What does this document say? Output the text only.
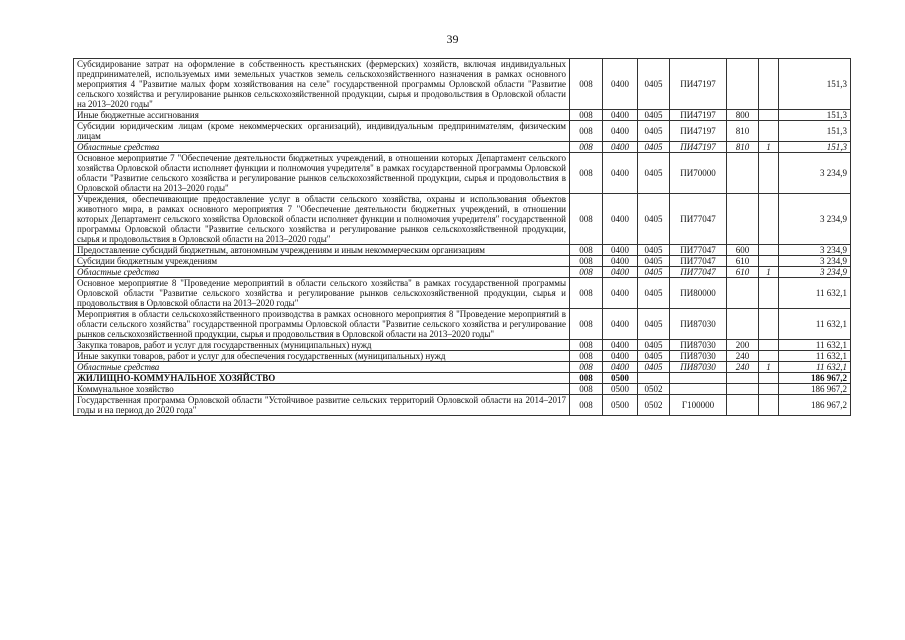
39
Субсидирование затрат на оформление в собственность крестьянских (фермерских) хозяйств, включая индивидуальных предпринимателей, используемых ими земельных участков земель сельскохозяйственного назначения в рамках основного мероприятия 4 "Развитие малых форм хозяйствования на селе" государственной программы Орловской области "Развитие сельского хозяйства и регулирование рынков сельскохозяйственной продукции, сырья и продовольствия в Орловской области на 2013–2020 годы"	008	0400	0405	ПИ47197			151,3
Иные бюджетные ассигнования	008	0400	0405	ПИ47197	800		151,3
Субсидии юридическим лицам (кроме некоммерческих организаций), индивидуальным предпринимателям, физическим лицам	008	0400	0405	ПИ47197	810		151,3
Областные средства	008	0400	0405	ПИ47197	810	1	151,3
Основное мероприятие 7 "Обеспечение деятельности бюджетных учреждений, в отношении которых Департамент сельского хозяйства Орловской области исполняет функции и полномочия учредителя" в рамках государственной программы Орловской области "Развитие сельского хозяйства и регулирование рынков сельскохозяйственной продукции, сырья и продовольствия в Орловской области на 2013–2020 годы"	008	0400	0405	ПИ70000			3 234,9
Учреждения, обеспечивающие предоставление услуг в области сельского хозяйства, охраны и использования объектов животного мира, в рамках основного мероприятия 7 "Обеспечение деятельности бюджетных учреждений, в отношении которых Департамент сельского хозяйства Орловской области исполняет функции и полномочия учредителя" государственной программы Орловской области "Развитие сельского хозяйства и регулирование рынков сельскохозяйственной продукции, сырья и продовольствия в Орловской области на 2013–2020 годы"	008	0400	0405	ПИ77047			3 234,9
Предоставление субсидий бюджетным, автономным учреждениям и иным некоммерческим организациям	008	0400	0405	ПИ77047	600		3 234,9
Субсидии бюджетным учреждениям	008	0400	0405	ПИ77047	610		3 234,9
Областные средства	008	0400	0405	ПИ77047	610	1	3 234,9
Основное мероприятие 8 "Проведение мероприятий в области сельского хозяйства" в рамках государственной программы Орловской области "Развитие сельского хозяйства и регулирование рынков сельскохозяйственной продукции, сырья и продовольствия в Орловской области на 2013–2020 годы"	008	0400	0405	ПИ80000			11 632,1
Мероприятия в области сельскохозяйственного производства в рамках основного мероприятия 8 "Проведение мероприятий в области сельского хозяйства" государственной программы Орловской области "Развитие сельского хозяйства и регулирование рынков сельскохозяйственной продукции, сырья и продовольствия в Орловской области на 2013–2020 годы"	008	0400	0405	ПИ87030			11 632,1
Закупка товаров, работ и услуг для государственных (муниципальных) нужд	008	0400	0405	ПИ87030	200		11 632,1
Иные закупки товаров, работ и услуг для обеспечения государственных (муниципальных) нужд	008	0400	0405	ПИ87030	240		11 632,1
Областные средства	008	0400	0405	ПИ87030	240	1	11 632,1
ЖИЛИЩНО-КОММУНАЛЬНОЕ ХОЗЯЙСТВО	008	0500					186 967,2
Коммунальное хозяйство	008	0500	0502				186 967,2
Государственная программа Орловской области "Устойчивое развитие сельских территорий Орловской области на 2014–2017 годы и на период до 2020 года"	008	0500	0502	Г100000			186 967,2
